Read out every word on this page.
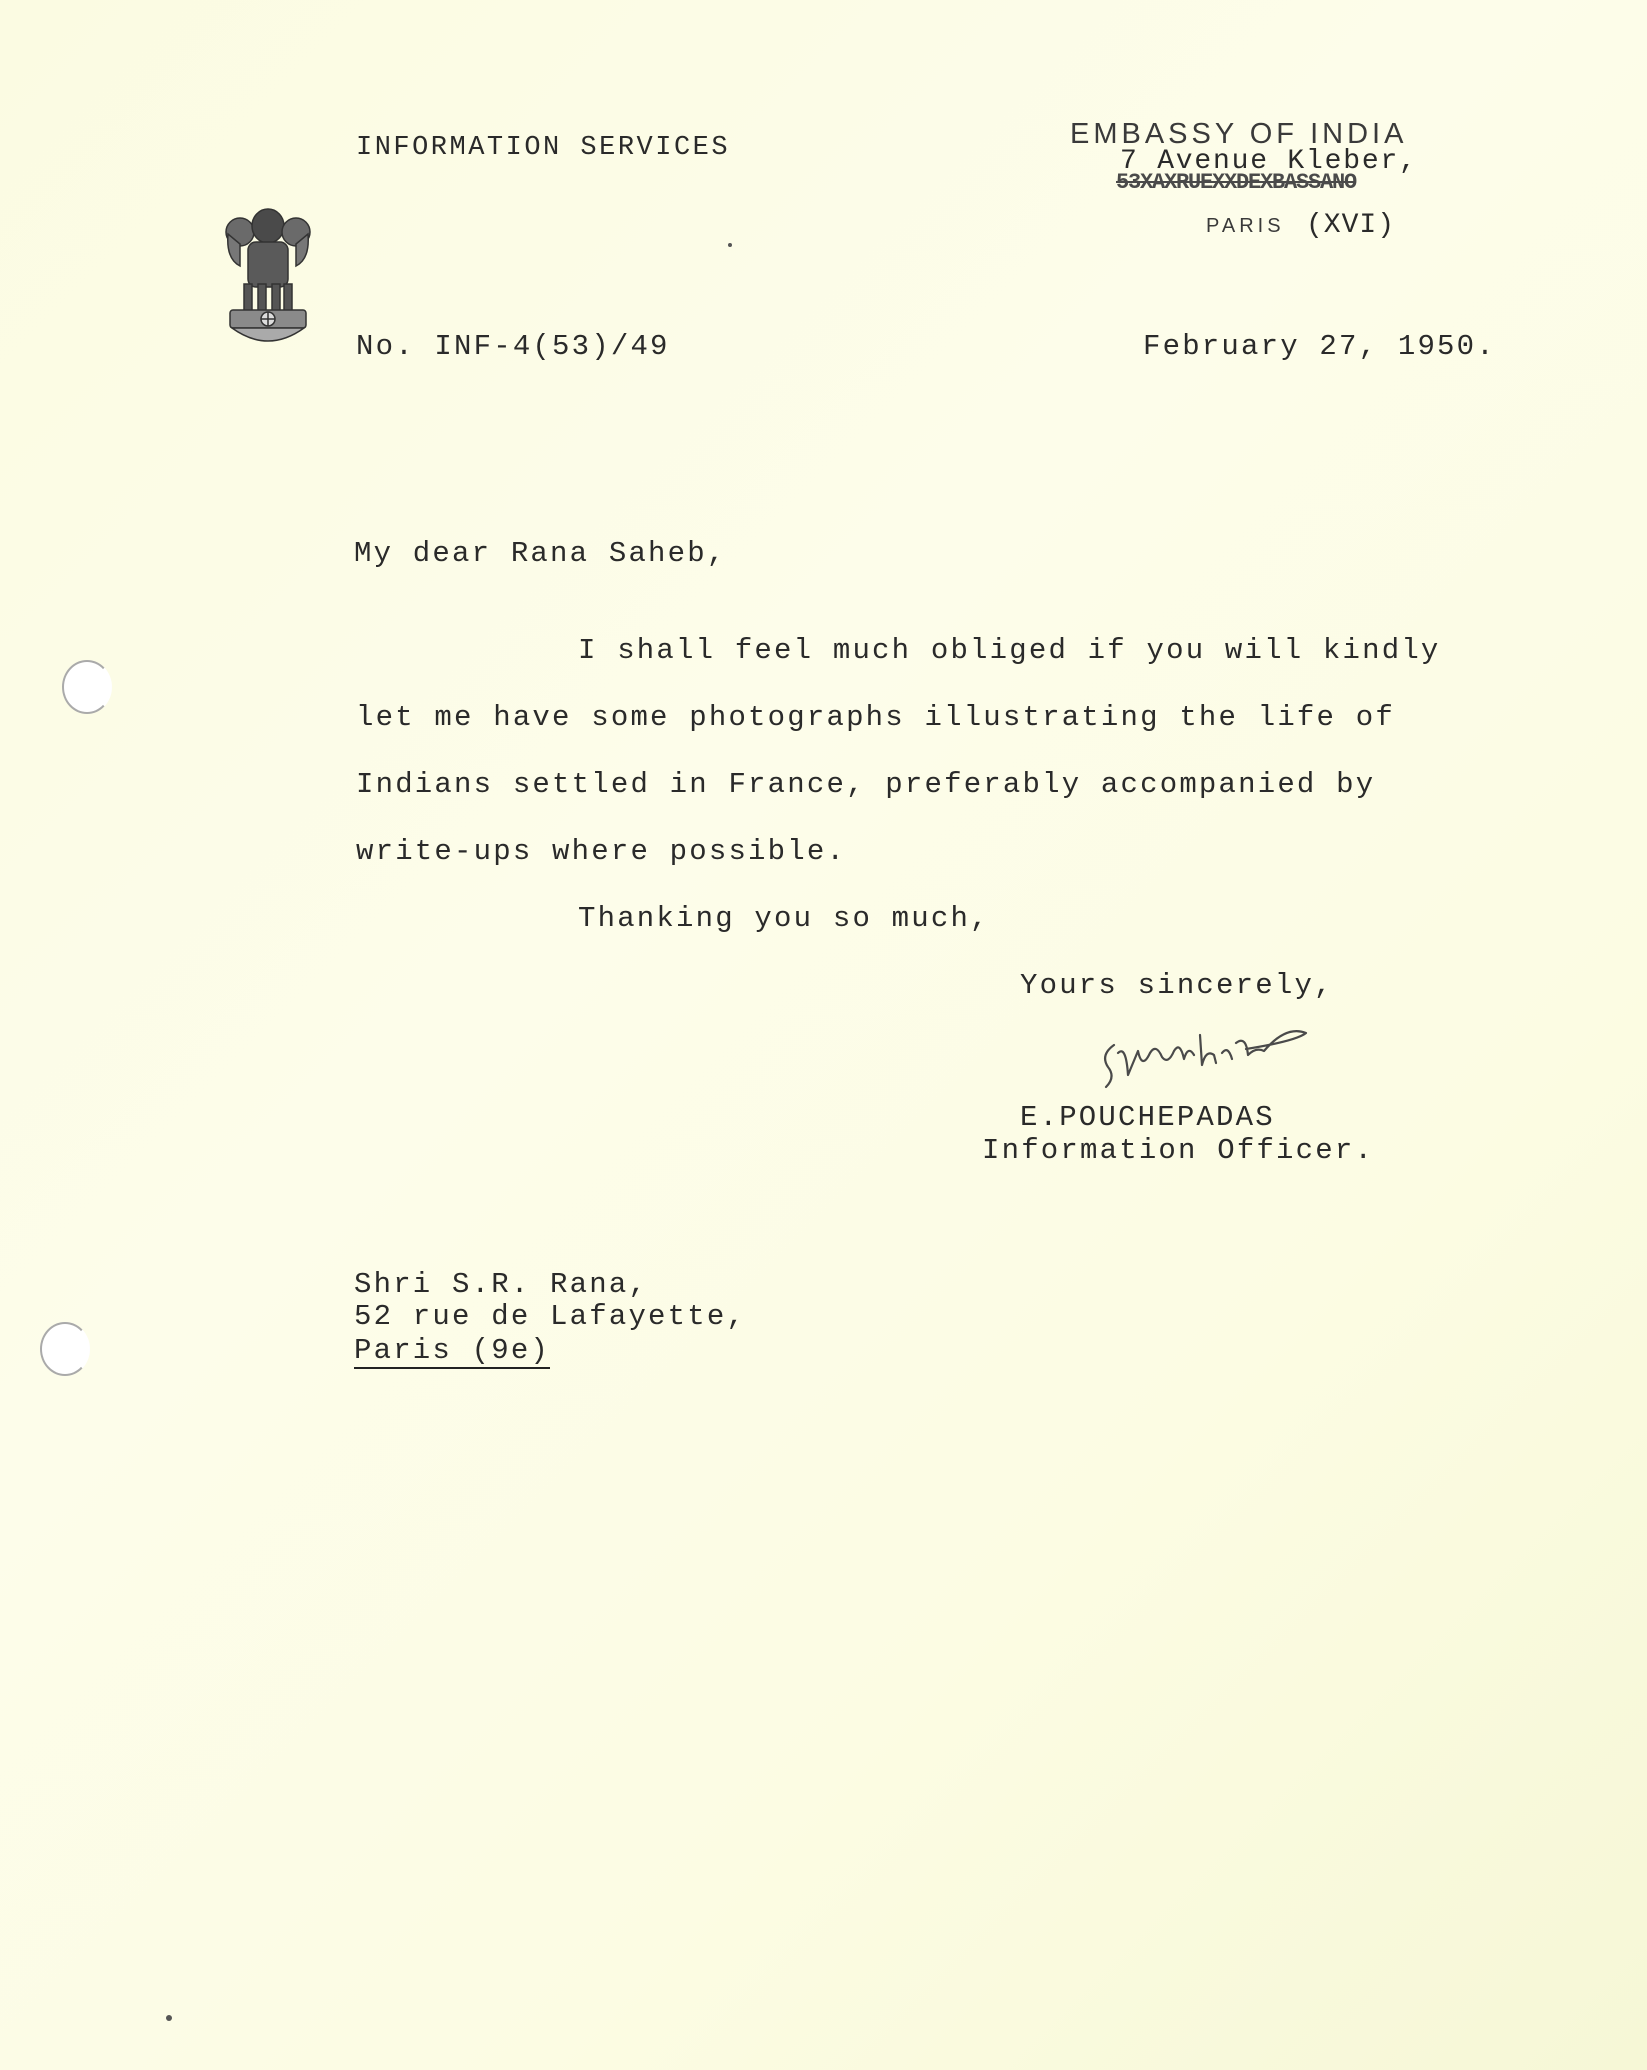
INFORMATION SERVICES	EMBASSY OF INDIA
7 Avenue Kleber,
53XAXRUEXXDEXBASSANO
PARIS (XVI)
No. INF-4(53)/49	February 27, 1950.
My dear Rana Saheb,
I shall feel much obliged if you will kindly
let me have some photographs illustrating the life of
Indians settled in France, preferably accompanied by
write-ups where possible.
Thanking you so much,
Yours sincerely,
E.POUCHEPADAS
Information Officer.
Shri S.R. Rana,
52 rue de Lafayette,
Paris (9e)
